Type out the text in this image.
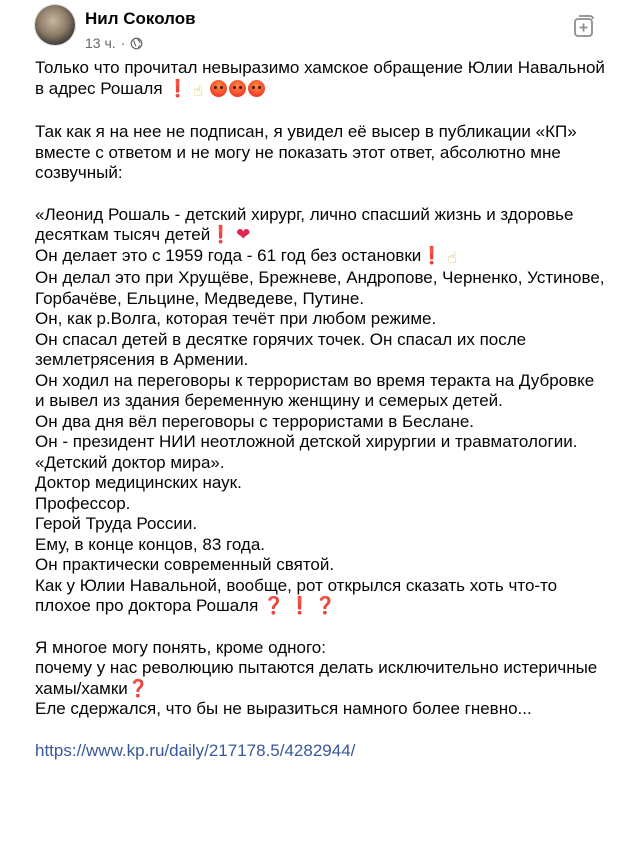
Нил Соколов
13 ч. ·

Только что прочитал невыразимо хамское обращение Юлии Навальной в адрес Рошаля ❗ ☝

Так как я на нее не подписан, я увидел её высер в публикации «КП» вместе с ответом и не могу не показать этот ответ, абсолютно мне созвучный:

«Леонид Рошаль - детский хирург, лично спасший жизнь и здоровье десяткам тысяч детей❗ ❤

Он делает это с 1959 года - 61 год без остановки❗ ☝

Он делал это при Хрущёве, Брежневе, Андропове, Черненко, Устинове, Горбачёве, Ельцине, Медведеве, Путине.

Он, как р.Волга, которая течёт при любом режиме.

Он спасал детей в десятке горячих точек. Он спасал их после землетрясения в Армении.

Он ходил на переговоры к террористам во время теракта на Дубровке и вывел из здания беременную женщину и семерых детей.

Он два дня вёл переговоры с террористами в Беслане.

Он - президент НИИ неотложной детской хирургии и травматологии.

«Детский доктор мира».

Доктор медицинских наук.

Профессор.

Герой Труда России.

Ему, в конце концов, 83 года.

Он практически современный святой.

Как у Юлии Навальной, вообще, рот открылся сказать хоть что-то плохое про доктора Рошаля ❓ ❗ ❓

Я многое могу понять, кроме одного:

почему у нас революцию пытаются делать исключительно истеричные хамы/хамки❓

Еле сдержался, что бы не выразиться намного более гневно...

https://www.kp.ru/daily/217178.5/4282944/
